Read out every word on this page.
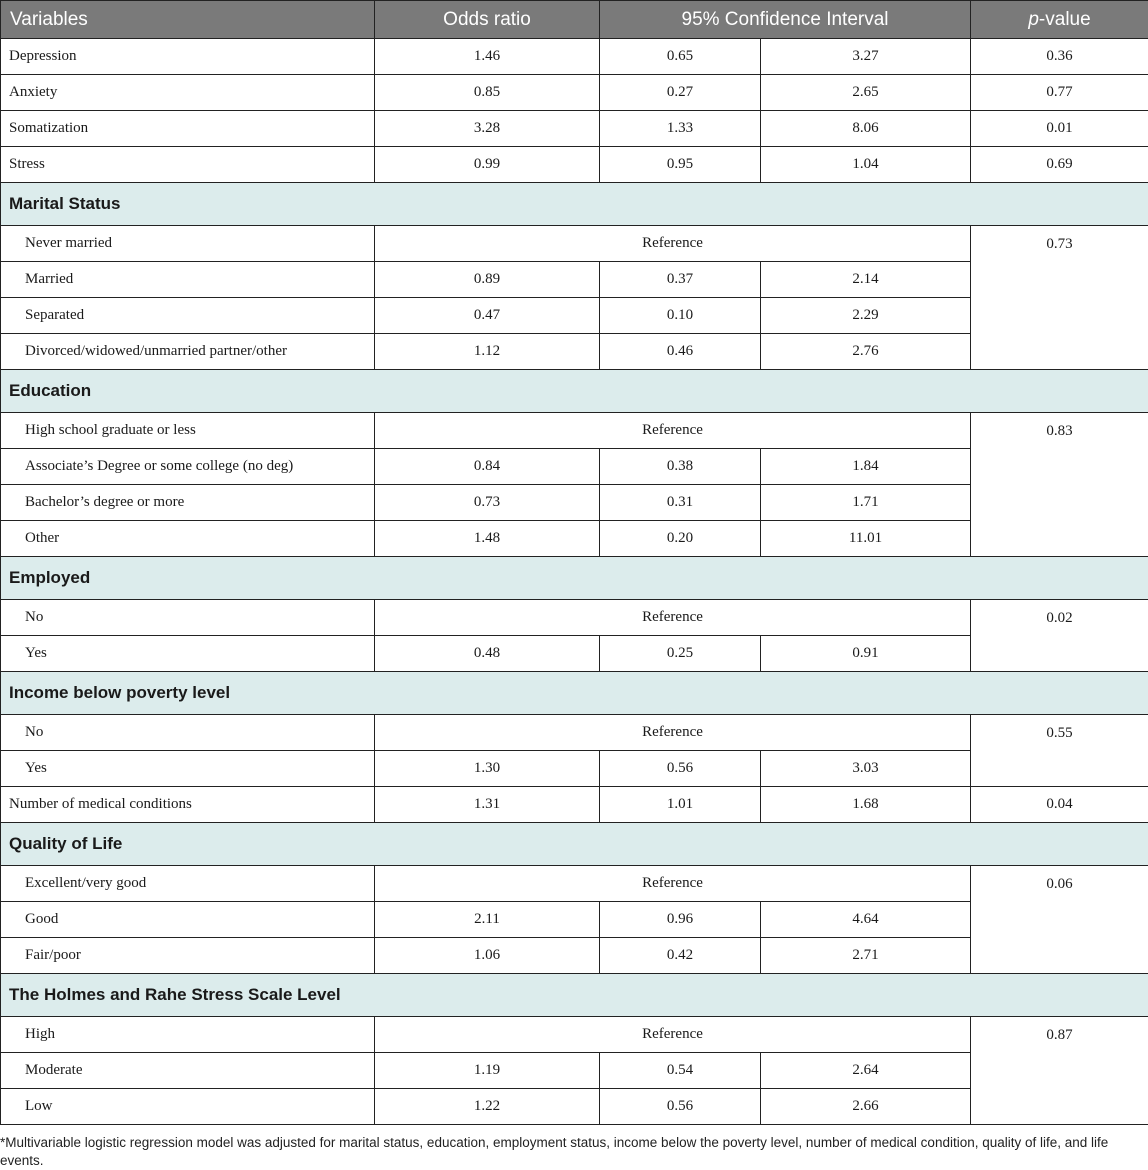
Variables	Odds ratio	95% Confidence Interval		p-value
Depression	1.46	0.65	3.27	0.36
Anxiety	0.85	0.27	2.65	0.77
Somatization	3.28	1.33	8.06	0.01
Stress	0.99	0.95	1.04	0.69
Marital Status				
Never married	Reference			0.73
Married	0.89	0.37	2.14	
Separated	0.47	0.10	2.29	
Divorced/widowed/unmarried partner/other	1.12	0.46	2.76	
Education				
High school graduate or less	Reference			0.83
Associate’s Degree or some college (no deg)	0.84	0.38	1.84	
Bachelor’s degree or more	0.73	0.31	1.71	
Other	1.48	0.20	11.01	
Employed				
No	Reference			0.02
Yes	0.48	0.25	0.91	
Income below poverty level				
No	Reference			0.55
Yes	1.30	0.56	3.03	
Number of medical conditions	1.31	1.01	1.68	0.04
Quality of Life				
Excellent/very good	Reference			0.06
Good	2.11	0.96	4.64	
Fair/poor	1.06	0.42	2.71	
The Holmes and Rahe Stress Scale Level				
High	Reference			0.87
Moderate	1.19	0.54	2.64	
Low	1.22	0.56	2.66	
*Multivariable logistic regression model was adjusted for marital status, education, employment status, income below the poverty level, number of medical condition, quality of life, and life events.
